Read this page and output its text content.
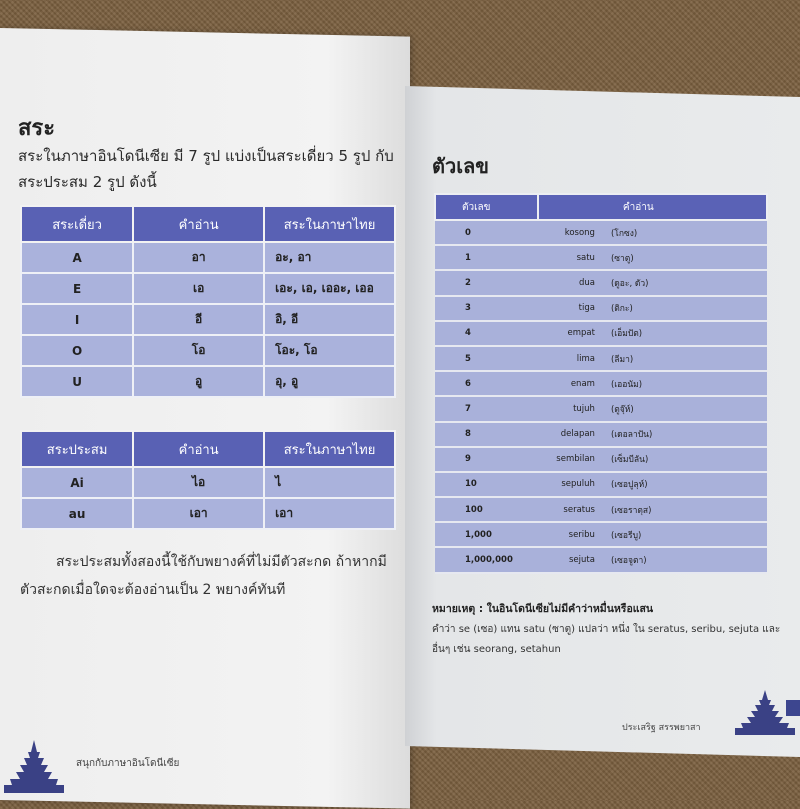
สระ
สระในภาษาอินโดนีเซีย มี 7 รูป แบ่งเป็นสระเดี่ยว 5 รูป กับสระประสม 2 รูป ดังนี้
สระเดี่ยว	คำอ่าน	สระในภาษาไทย
A	อา	อะ, อา
E	เอ	เอะ, เอ, เออะ, เออ
I	อี	อิ, อี
O	โอ	โอะ, โอ
U	อู	อุ, อู
สระประสม	คำอ่าน	สระในภาษาไทย
Ai	ไอ	ไ
au	เอา	เอา
สระประสมทั้งสองนี้ใช้กับพยางค์ที่ไม่มีตัวสะกด ถ้าหากมีตัวสะกดเมื่อใดจะต้องอ่านเป็น 2 พยางค์ทันที
สนุกกับภาษาอินโดนีเซีย
ตัวเลข
ตัวเลข	คำอ่าน	
0	kosong	(โกซง)
1	satu	(ซาตู)
2	dua	(ดูอะ, ดัว)
3	tiga	(ติกะ)
4	empat	(เอ็มปัต)
5	lima	(ลีมา)
6	enam	(เออนัม)
7	tujuh	(ตูจุ๊ห์)
8	delapan	(เดอลาปัน)
9	sembilan	(เซ็มบีลัน)
10	sepuluh	(เซอปูลุห์)
100	seratus	(เซอราตุส)
1,000	seribu	(เซอรีบู)
1,000,000	sejuta	(เซอจูตา)
หมายเหตุ : ในอินโดนีเซียไม่มีคำว่าหมื่นหรือแสน
คำว่า se (เซอ) แทน satu (ซาตู) แปลว่า หนึ่ง ใน seratus, seribu, sejuta และอื่นๆ เช่น seorang, setahun
ประเสริฐ สรรพยาสา
